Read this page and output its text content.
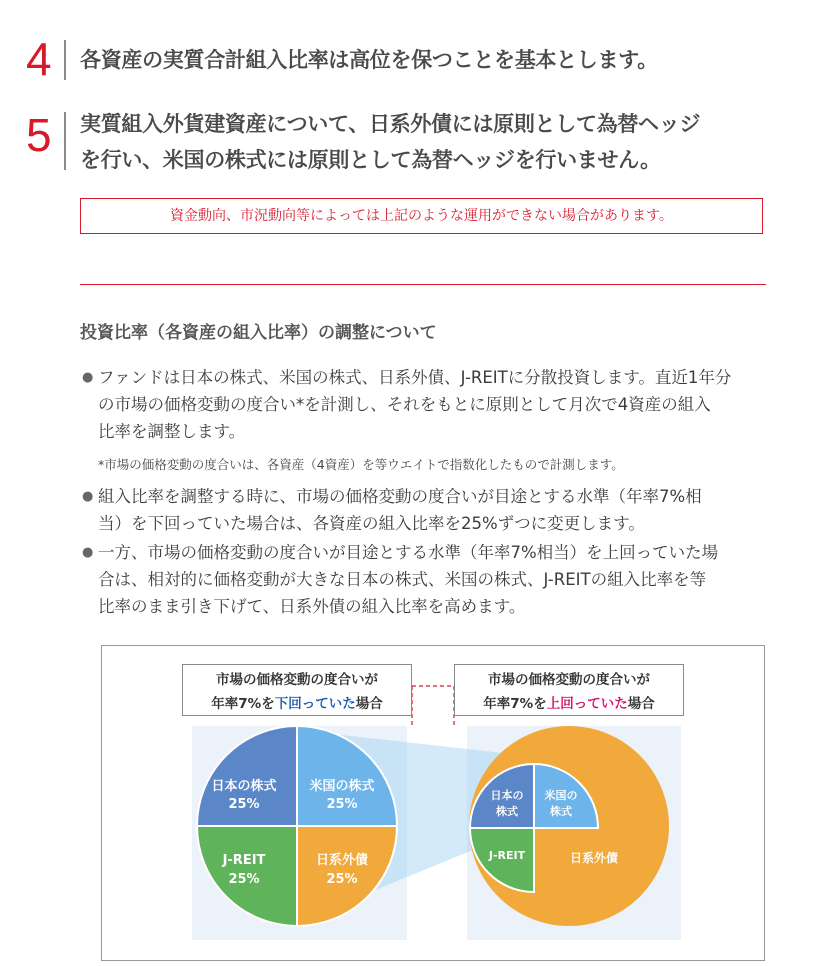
4 各資産の実質合計組入比率は高位を保つことを基本とします。
5 実質組入外貨建資産について、日系外債には原則として為替ヘッジ
を行い、米国の株式には原則として為替ヘッジを行いません。
資金動向、市況動向等によっては上記のような運用ができない場合があります。
投資比率（各資産の組入比率）の調整について
● ファンドは日本の株式、米国の株式、日系外債、J-REITに分散投資します。直近1年分
の市場の価格変動の度合い*を計測し、それをもとに原則として月次で4資産の組入
比率を調整します。
*市場の価格変動の度合いは、各資産（4資産）を等ウエイトで指数化したもので計測します。
● 組入比率を調整する時に、市場の価格変動の度合いが目途とする水準（年率7%相
当）を下回っていた場合は、各資産の組入比率を25%ずつに変更します。
● 一方、市場の価格変動の度合いが目途とする水準（年率7%相当）を上回っていた場
合は、相対的に価格変動が大きな日本の株式、米国の株式、J-REITの組入比率を等
比率のまま引き下げて、日系外債の組入比率を高めます。
日本の株式
25%
米国の株式
25%
J-REIT
25%
日系外債
25%
日本の
株式
米国の
株式
J-REIT	日系外債
市場の価格変動の度合いが
年率7%を下回っていた場合
市場の価格変動の度合いが
年率7%を上回っていた場合
